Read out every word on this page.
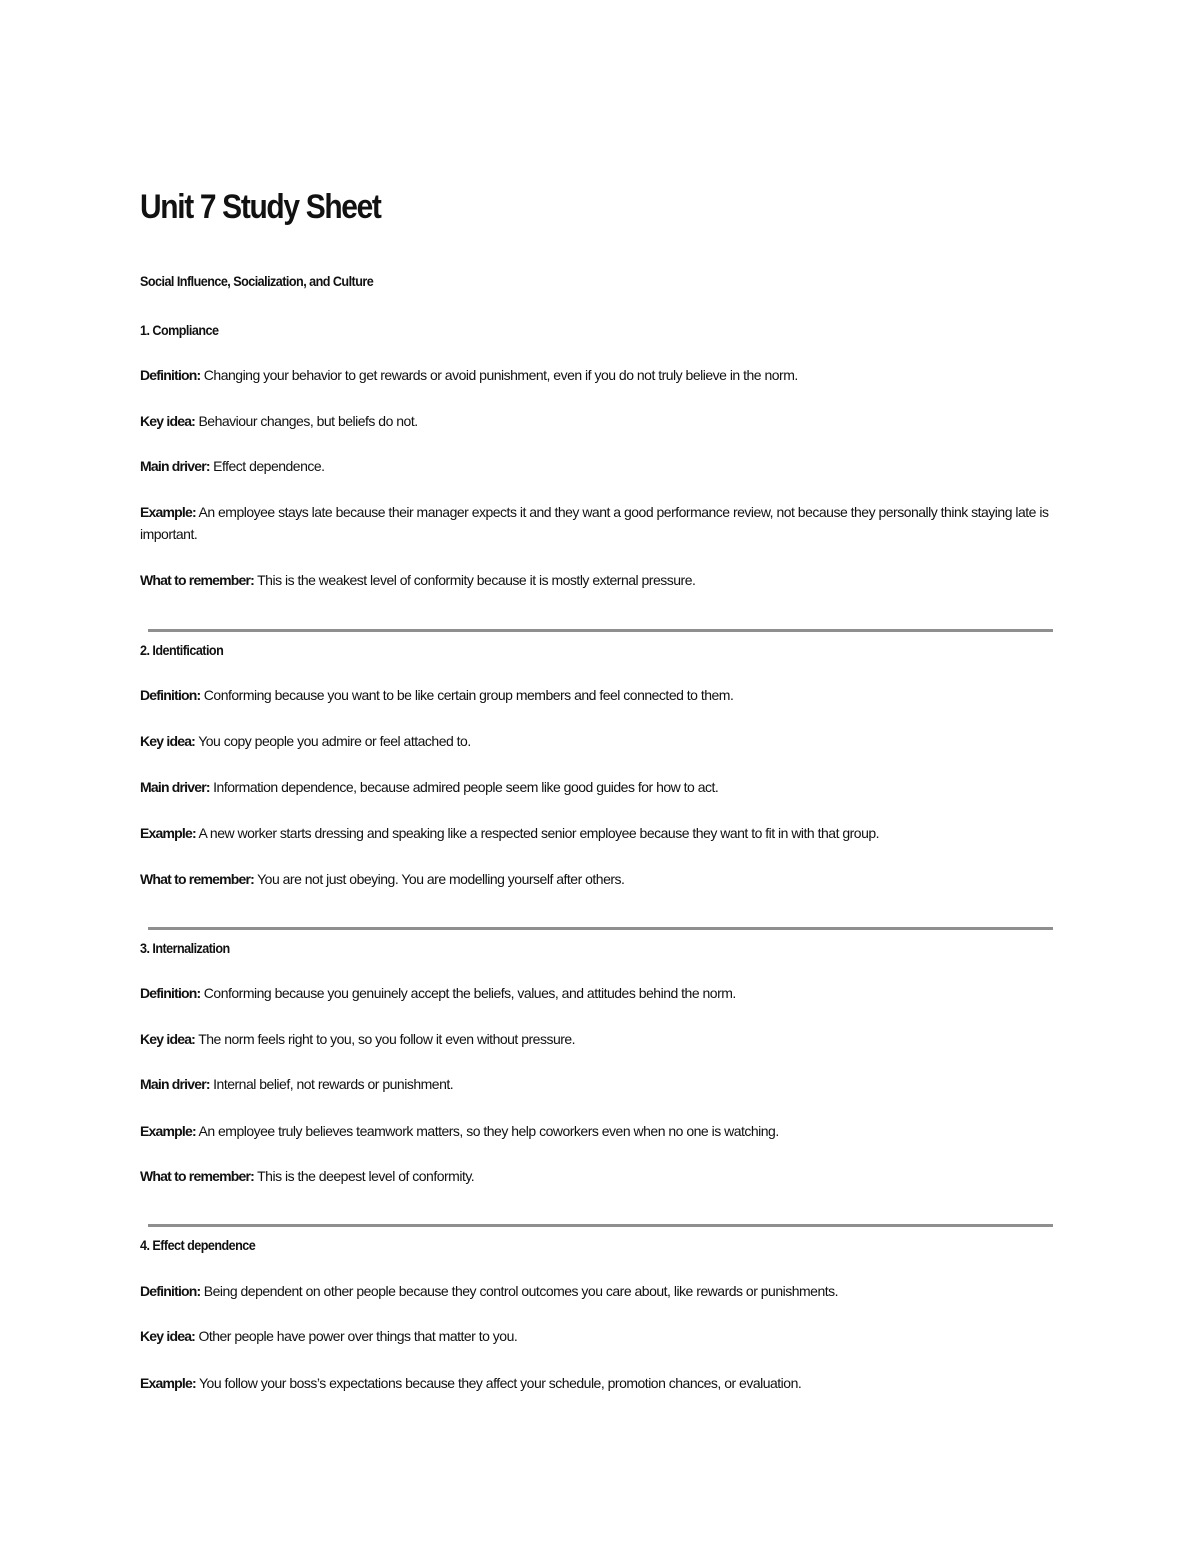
Unit 7 Study Sheet
Social Influence, Socialization, and Culture
1. Compliance

Definition: Changing your behavior to get rewards or avoid punishment, even if you do not truly believe in the norm.

Key idea: Behaviour changes, but beliefs do not.

Main driver: Effect dependence.

Example: An employee stays late because their manager expects it and they want a good performance review, not because they personally think staying late is important.

What to remember: This is the weakest level of conformity because it is mostly external pressure.

2. Identification

Definition: Conforming because you want to be like certain group members and feel connected to them.

Key idea: You copy people you admire or feel attached to.

Main driver: Information dependence, because admired people seem like good guides for how to act.

Example: A new worker starts dressing and speaking like a respected senior employee because they want to fit in with that group.

What to remember: You are not just obeying. You are modelling yourself after others.

3. Internalization

Definition: Conforming because you genuinely accept the beliefs, values, and attitudes behind the norm.

Key idea: The norm feels right to you, so you follow it even without pressure.

Main driver: Internal belief, not rewards or punishment.

Example: An employee truly believes teamwork matters, so they help coworkers even when no one is watching.

What to remember: This is the deepest level of conformity.

4. Effect dependence

Definition: Being dependent on other people because they control outcomes you care about, like rewards or punishments.

Key idea: Other people have power over things that matter to you.

Example: You follow your boss’s expectations because they affect your schedule, promotion chances, or evaluation.
